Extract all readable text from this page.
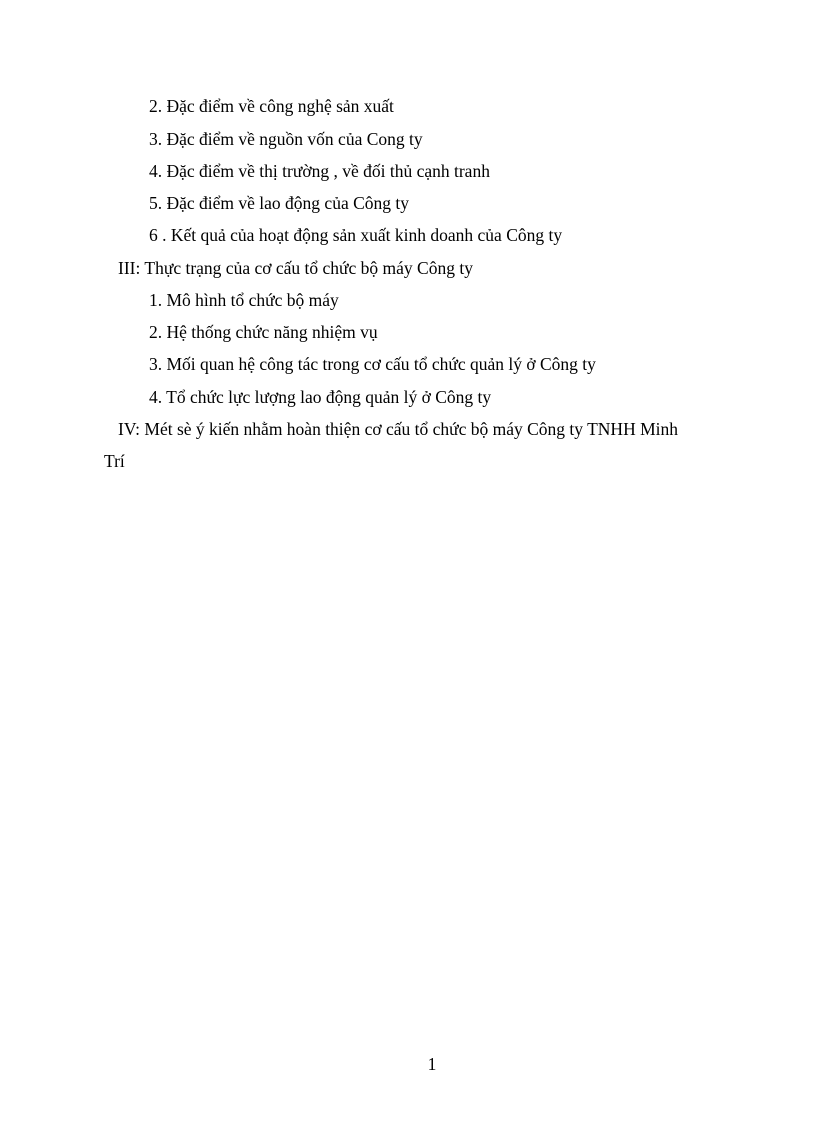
2. Đặc điểm về công nghệ sản xuất
3. Đặc điểm về nguồn vốn của Cong ty
4. Đặc điểm về thị trường , về đối thủ cạnh tranh
5. Đặc điểm về lao động của Công ty
6 . Kết quả của hoạt động sản xuất kinh doanh của Công ty
III: Thực trạng của cơ cấu tổ chức bộ máy Công ty
1. Mô hình tổ chức bộ máy
2. Hệ thống chức năng nhiệm vụ
3. Mối quan hệ công tác trong cơ cấu tổ chức quản lý ở Công ty
4. Tổ chức lực lượng lao động quản lý ở Công ty
IV: Mét sè ý kiến nhằm hoàn thiện cơ cấu tổ chức bộ máy Công ty TNHH Minh
Trí
1
